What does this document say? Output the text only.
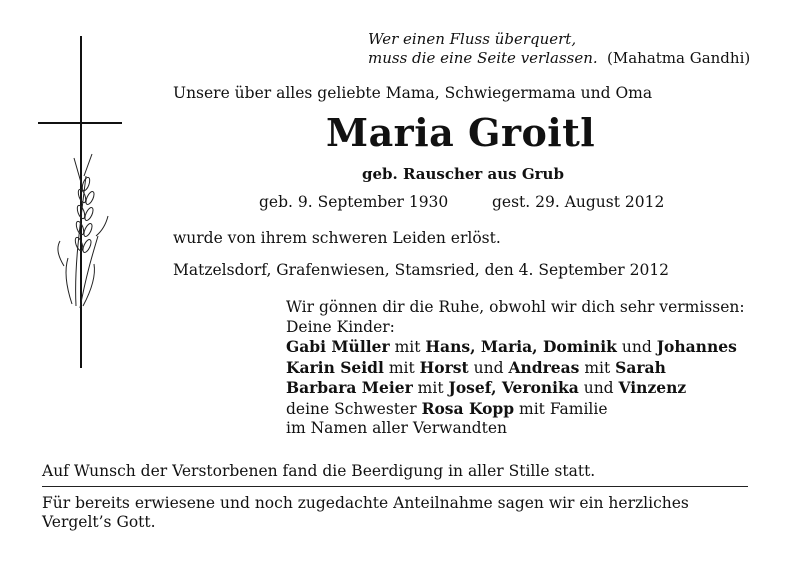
Wer einen Fluss überquert,
muss die eine Seite verlassen. (Mahatma Gandhi)
Unsere über alles geliebte Mama, Schwiegermama und Oma
Maria Groitl
geb. Rauscher aus Grub
geb. 9. September 1930	gest. 29. August 2012
wurde von ihrem schweren Leiden erlöst.
Matzelsdorf, Grafenwiesen, Stamsried, den 4. September 2012
Wir gönnen dir die Ruhe, obwohl wir dich sehr vermissen:
Deine Kinder:
Gabi Müller mit Hans, Maria, Dominik und Johannes
Karin Seidl mit Horst und Andreas mit Sarah
Barbara Meier mit Josef, Veronika und Vinzenz
deine Schwester Rosa Kopp mit Familie
im Namen aller Verwandten
Auf Wunsch der Verstorbenen fand die Beerdigung in aller Stille statt.
Für bereits erwiesene und noch zugedachte Anteilnahme sagen wir ein herzliches Vergelt’s Gott.
